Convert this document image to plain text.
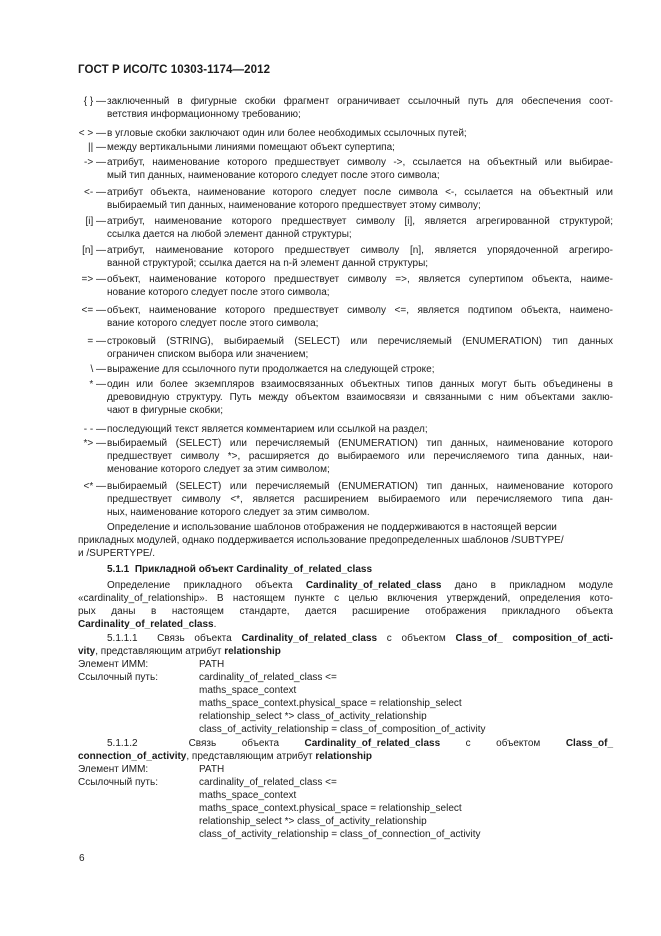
ГОСТ Р ИСО/ТС 10303-1174—2012
{ } — заключенный в фигурные скобки фрагмент ограничивает ссылочный путь для обеспечения соот-
ветствия информационному требованию;
< > — в угловые скобки заключают один или более необходимых ссылочных путей;
|| — между вертикальными линиями помещают объект супертипа;
-> — атрибут, наименование которого предшествует символу ->, ссылается на объектный или выбирае-
мый тип данных, наименование которого следует после этого символа;
<- — атрибут объекта, наименование которого следует после символа <-, ссылается на объектный или
выбираемый тип данных, наименование которого предшествует этому символу;
[i] — атрибут, наименование которого предшествует символу [i], является агрегированной структурой;
ссылка дается на любой элемент данной структуры;
[n] — атрибут, наименование которого предшествует символу [n], является упорядоченной агрегиро-
ванной структурой; ссылка дается на n-й элемент данной структуры;
=> — объект, наименование которого предшествует символу =>, является супертипом объекта, наиме-
нование которого следует после этого символа;
<= — объект, наименование которого предшествует символу <=, является подтипом объекта, наимено-
вание которого следует после этого символа;
= — строковый (STRING), выбираемый (SELECT) или перечисляемый (ENUMERATION) тип данных
ограничен списком выбора или значением;
\ — выражение для ссылочного пути продолжается на следующей строке;
* — один или более экземпляров взаимосвязанных объектных типов данных могут быть объединены в
древовидную структуру. Путь между объектом взаимосвязи и связанными с ним объектами заклю-
чают в фигурные скобки;
- - — последующий текст является комментарием или ссылкой на раздел;
*> — выбираемый (SELECT) или перечисляемый (ENUMERATION) тип данных, наименование которого
предшествует символу *>, расширяется до выбираемого или перечисляемого типа данных, наи-
менование которого следует за этим символом;
<* — выбираемый (SELECT) или перечисляемый (ENUMERATION) тип данных, наименование которого
предшествует символу <*, является расширением выбираемого или перечисляемого типа дан-
ных, наименование которого следует за этим символом.
Определение и использование шаблонов отображения не поддерживаются в настоящей версии
прикладных модулей, однако поддерживается использование предопределенных шаблонов /SUBTYPE/
и /SUPERTYPE/.
5.1.1 Прикладной объект Cardinality_of_related_class
Определение прикладного объекта Cardinality_of_related_class дано в прикладном модуле
«cardinality_of_relationship». В настоящем пункте с целью включения утверждений, определения кото-
рых даны в настоящем стандарте, дается расширение отображения прикладного объекта
Cardinality_of_related_class.
5.1.1.1 Связь объекта Cardinality_of_related_class с объектом Class_of_ composition_of_acti-
vity, представляющим атрибут relationship
Элемент ИММ:	PATH
Ссылочный путь:	cardinality_of_related_class <=
maths_space_context
maths_space_context.physical_space = relationship_select
relationship_select *> class_of_activity_relationship
class_of_activity_relationship = class_of_composition_of_activity
5.1.1.2	Связь	объекта	Cardinality_of_related_class	с	объектом	Class_of_
connection_of_activity, представляющим атрибут relationship
Элемент ИММ:	PATH
Ссылочный путь:	cardinality_of_related_class <=
maths_space_context
maths_space_context.physical_space = relationship_select
relationship_select *> class_of_activity_relationship
class_of_activity_relationship = class_of_connection_of_activity
6
